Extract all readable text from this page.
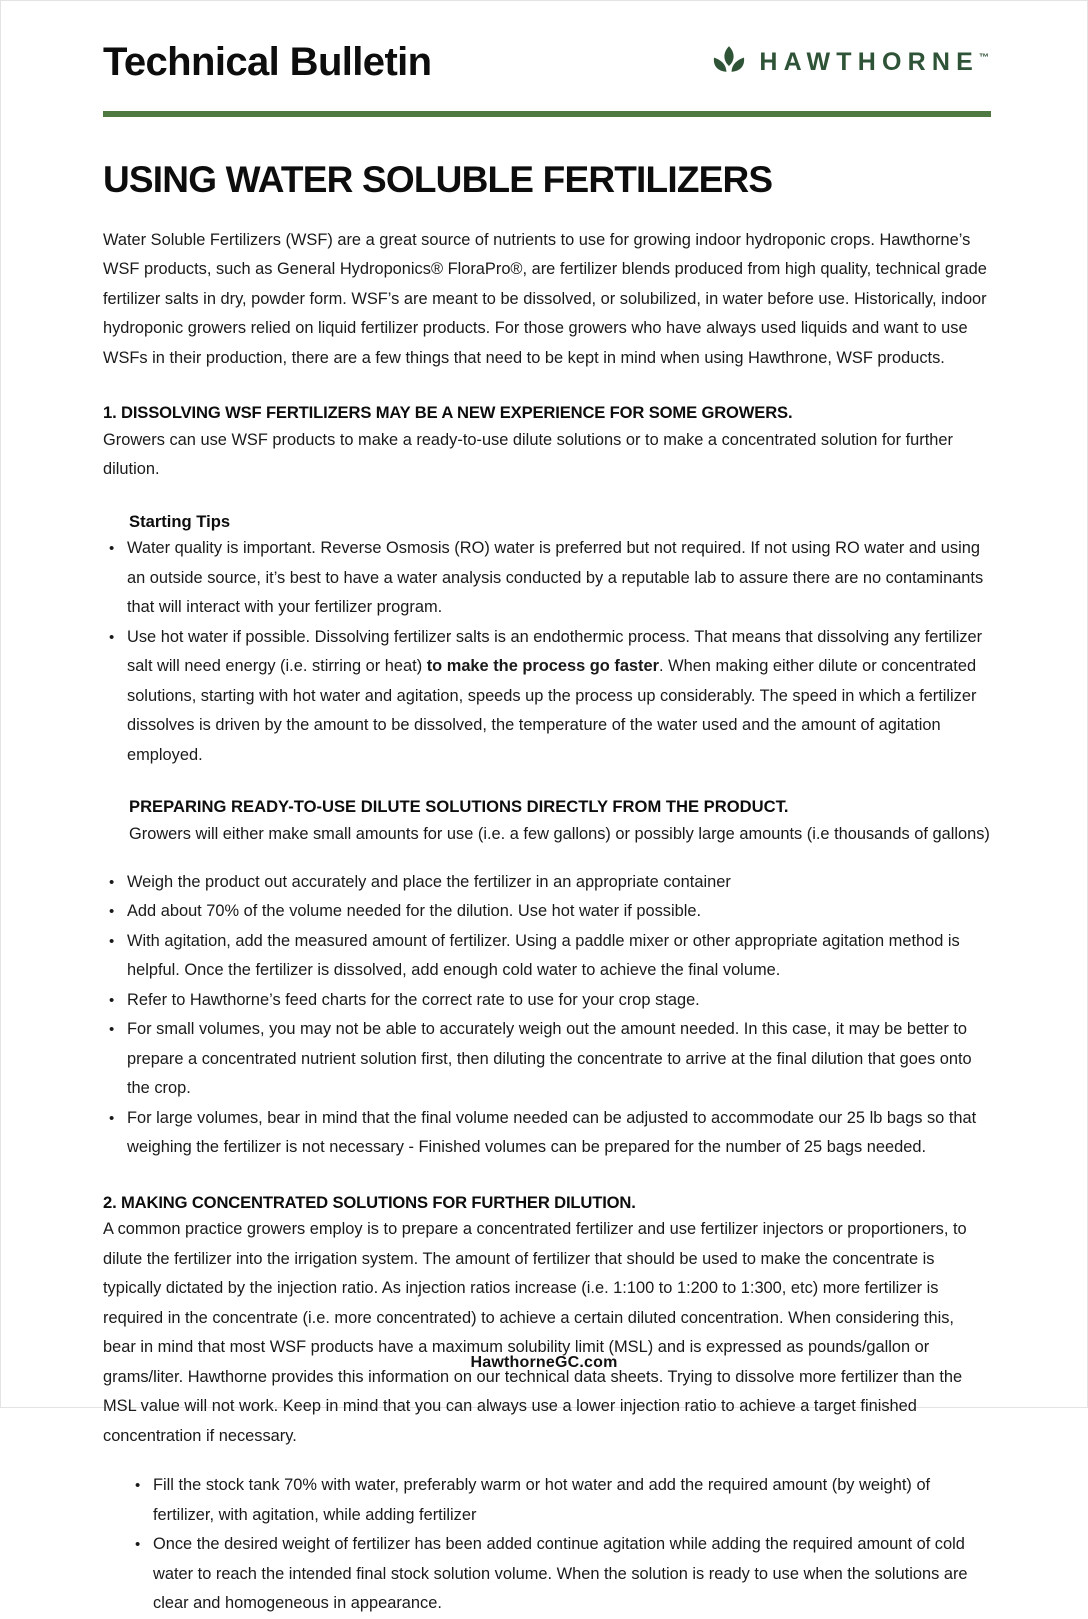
Technical Bulletin	HAWTHORNE™
USING WATER SOLUBLE FERTILIZERS

Water Soluble Fertilizers (WSF) are a great source of nutrients to use for growing indoor hydroponic crops. Hawthorne’s WSF products, such as General Hydroponics® FloraPro®, are fertilizer blends produced from high quality, technical grade fertilizer salts in dry, powder form. WSF’s are meant to be dissolved, or solubilized, in water before use. Historically, indoor hydroponic growers relied on liquid fertilizer products. For those growers who have always used liquids and want to use WSFs in their production, there are a few things that need to be kept in mind when using Hawthrone, WSF products.

1. DISSOLVING WSF FERTILIZERS MAY BE A NEW EXPERIENCE FOR SOME GROWERS.

Growers can use WSF products to make a ready-to-use dilute solutions or to make a concentrated solution for further dilution.

Starting Tips
• Water quality is important. Reverse Osmosis (RO) water is preferred but not required. If not using RO water and using an outside source, it’s best to have a water analysis conducted by a reputable lab to assure there are no contaminants that will interact with your fertilizer program.
• Use hot water if possible. Dissolving fertilizer salts is an endothermic process. That means that dissolving any fertilizer salt will need energy (i.e. stirring or heat) to make the process go faster. When making either dilute or concentrated solutions, starting with hot water and agitation, speeds up the process up considerably. The speed in which a fertilizer dissolves is driven by the amount to be dissolved, the temperature of the water used and the amount of agitation employed.
PREPARING READY-TO-USE DILUTE SOLUTIONS DIRECTLY FROM THE PRODUCT.

Growers will either make small amounts for use (i.e. a few gallons) or possibly large amounts (i.e thousands of gallons)

• Weigh the product out accurately and place the fertilizer in an appropriate container
• Add about 70% of the volume needed for the dilution. Use hot water if possible.
• With agitation, add the measured amount of fertilizer. Using a paddle mixer or other appropriate agitation method is helpful. Once the fertilizer is dissolved, add enough cold water to achieve the final volume.
• Refer to Hawthorne’s feed charts for the correct rate to use for your crop stage.
• For small volumes, you may not be able to accurately weigh out the amount needed. In this case, it may be better to prepare a concentrated nutrient solution first, then diluting the concentrate to arrive at the final dilution that goes onto the crop.
• For large volumes, bear in mind that the final volume needed can be adjusted to accommodate our 25 lb bags so that weighing the fertilizer is not necessary - Finished volumes can be prepared for the number of 25 bags needed.
2. MAKING CONCENTRATED SOLUTIONS FOR FURTHER DILUTION.

A common practice growers employ is to prepare a concentrated fertilizer and use fertilizer injectors or proportioners, to dilute the fertilizer into the irrigation system. The amount of fertilizer that should be used to make the concentrate is typically dictated by the injection ratio. As injection ratios increase (i.e. 1:100 to 1:200 to 1:300, etc) more fertilizer is required in the concentrate (i.e. more concentrated) to achieve a certain diluted concentration. When considering this, bear in mind that most WSF products have a maximum solubility limit (MSL) and is expressed as pounds/gallon or grams/liter. Hawthorne provides this information on our technical data sheets. Trying to dissolve more fertilizer than the MSL value will not work. Keep in mind that you can always use a lower injection ratio to achieve a target finished concentration if necessary.

• Fill the stock tank 70% with water, preferably warm or hot water and add the required amount (by weight) of fertilizer, with agitation, while adding fertilizer
• Once the desired weight of fertilizer has been added continue agitation while adding the required amount of cold water to reach the intended final stock solution volume. When the solution is ready to use when the solutions are clear and homogeneous in appearance.
HawthorneGC.com
